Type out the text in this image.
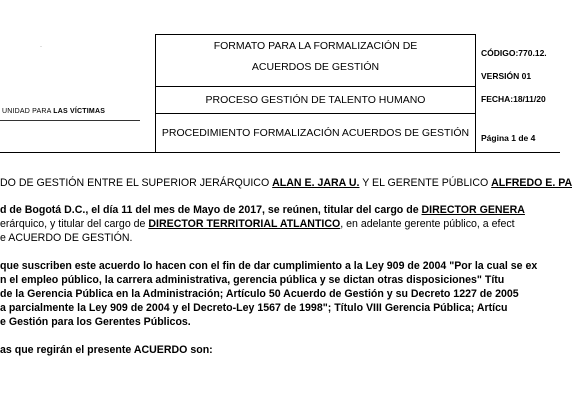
·
UNIDAD PARA LAS VÍCTIMAS
FORMATO PARA LA FORMALIZACIÓN DE
ACUERDOS DE GESTIÓN
PROCESO GESTIÓN DE TALENTO HUMANO
PROCEDIMIENTO FORMALIZACIÓN ACUERDOS DE GESTIÓN
CÓDIGO:770.12.
VERSIÓN 01
FECHA:18/11/20
Página 1 de 4
DO DE GESTIÓN ENTRE EL SUPERIOR JERÁRQUICO ALAN E. JARA U. Y EL GERENTE PÚBLICO ALFREDO E. PA
d de Bogotá D.C., el día 11 del mes de Mayo de 2017, se reúnen, titular del cargo de DIRECTOR GENERA
erárquico, y titular del cargo de DIRECTOR TERRITORIAL ATLANTICO, en adelante gerente público, a efect
e ACUERDO DE GESTIÓN.
que suscriben este acuerdo lo hacen con el fin de dar cumplimiento a la Ley 909 de 2004 "Por la cual se ex
n el empleo público, la carrera administrativa, gerencia pública y se dictan otras disposiciones" Títu
de la Gerencia Pública en la Administración; Artículo 50 Acuerdo de Gestión y su Decreto 1227 de 2005
a parcialmente la Ley 909 de 2004 y el Decreto-Ley 1567 de 1998"; Título VIII Gerencia Pública; Artícu
e Gestión para los Gerentes Públicos.
as que regirán el presente ACUERDO son:
